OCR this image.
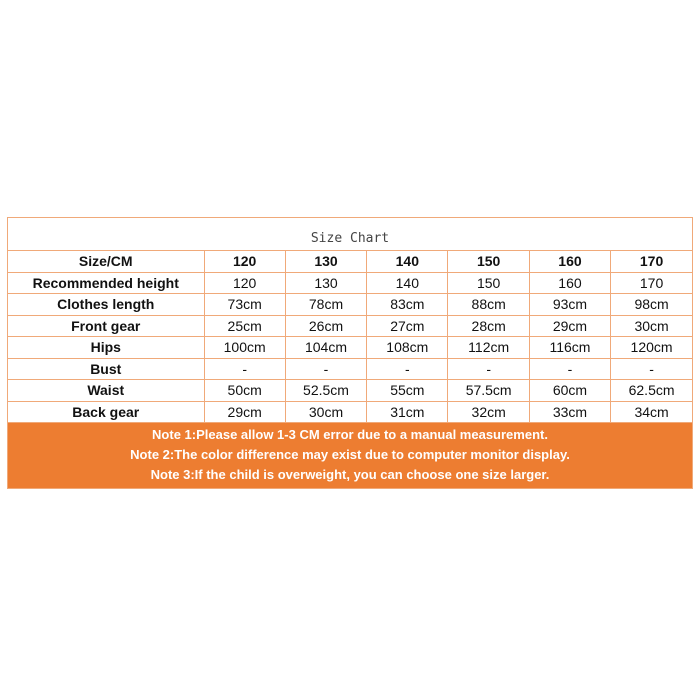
Size Chart
Size/CM	120	130	140	150	160	170
Recommended height	120	130	140	150	160	170
Clothes length	73cm	78cm	83cm	88cm	93cm	98cm
Front gear	25cm	26cm	27cm	28cm	29cm	30cm
Hips	100cm	104cm	108cm	112cm	116cm	120cm
Bust	-	-	-	-	-	-
Waist	50cm	52.5cm	55cm	57.5cm	60cm	62.5cm
Back gear	29cm	30cm	31cm	32cm	33cm	34cm
Note 1:Please allow 1-3 CM error due to a manual measurement.
Note 2:The color difference may exist due to computer monitor display.
Note 3:If the child is overweight, you can choose one size larger.
